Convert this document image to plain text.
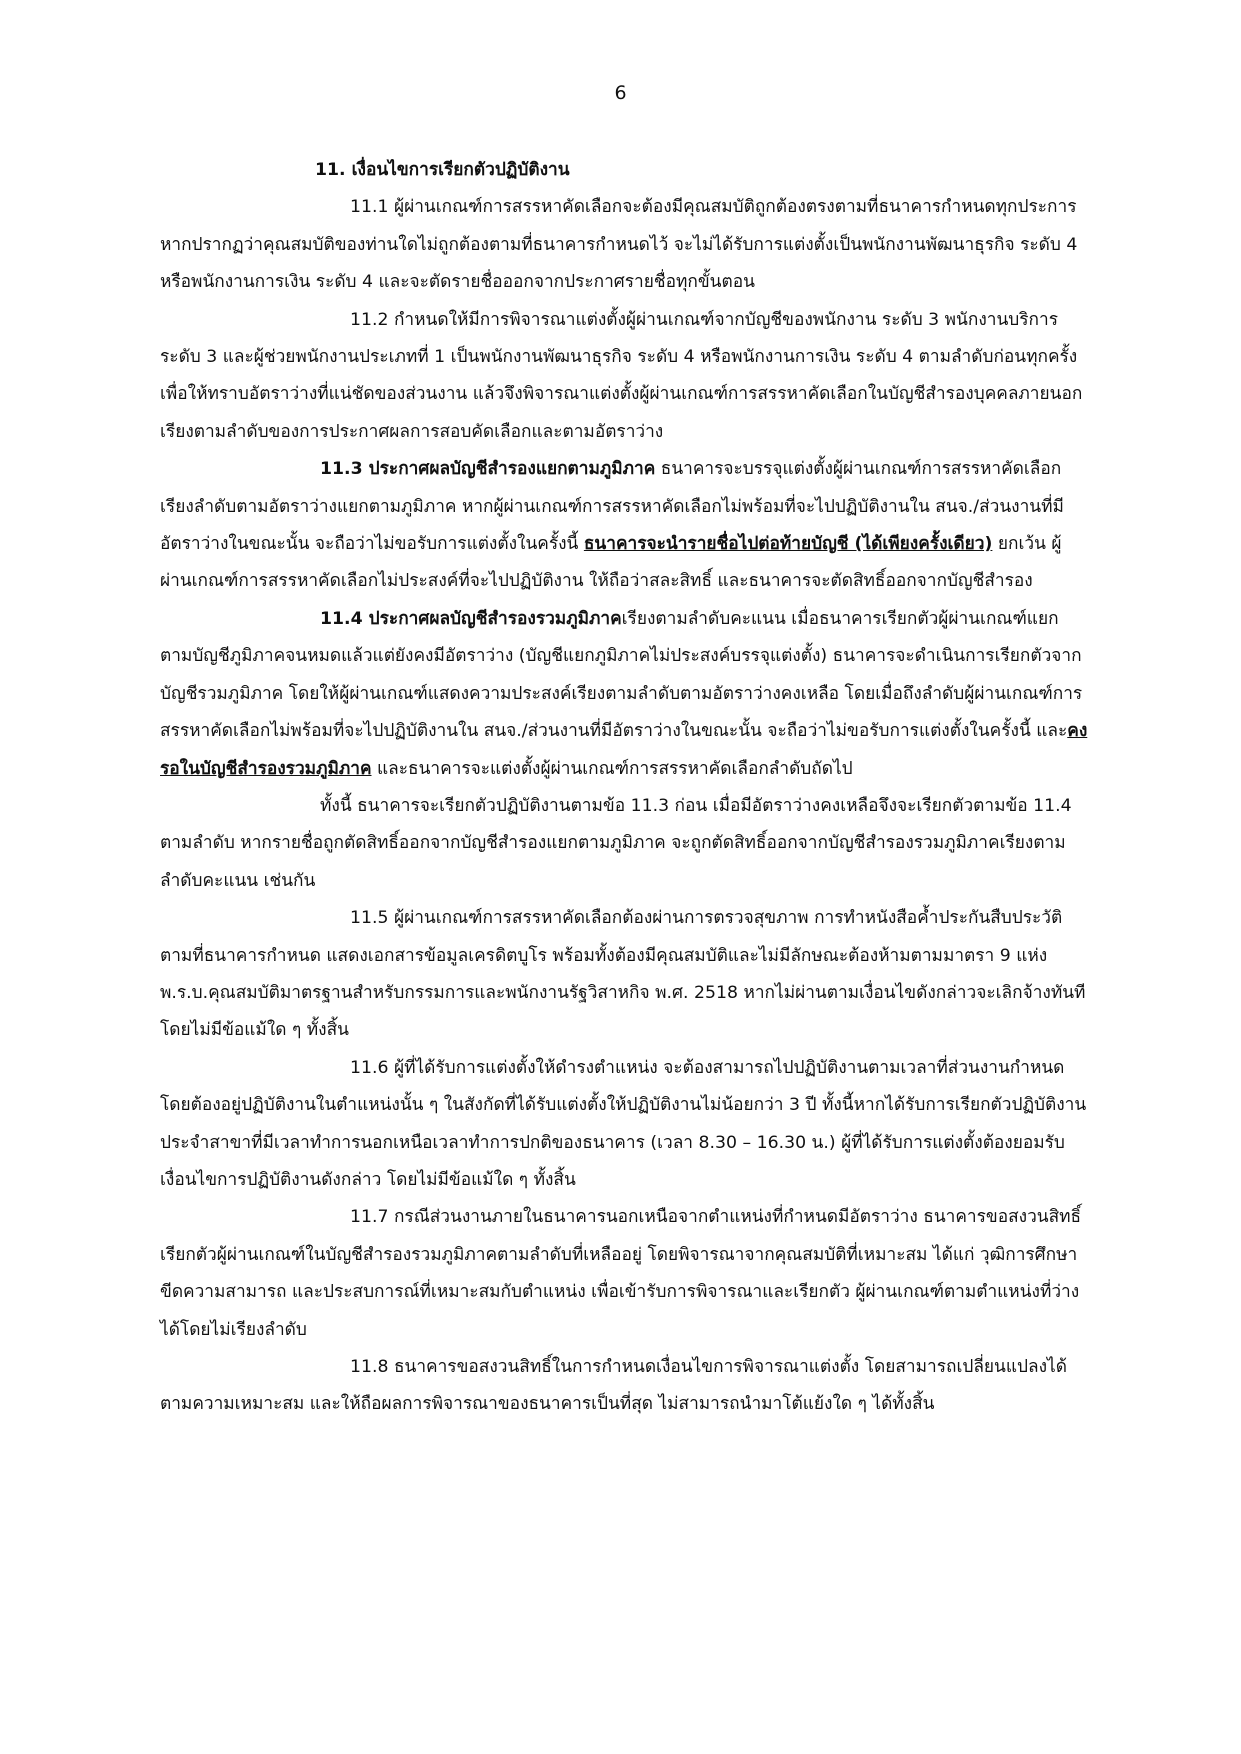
6

11. เงื่อนไขการเรียกตัวปฏิบัติงาน

11.1 ผู้ผ่านเกณฑ์การสรรหาคัดเลือกจะต้องมีคุณสมบัติถูกต้องตรงตามที่ธนาคารกำหนดทุกประการ หากปรากฏว่าคุณสมบัติของท่านใดไม่ถูกต้องตามที่ธนาคารกำหนดไว้ จะไม่ได้รับการแต่งตั้งเป็นพนักงานพัฒนาธุรกิจ ระดับ 4 หรือพนักงานการเงิน ระดับ 4 และจะตัดรายชื่อออกจากประกาศรายชื่อทุกขั้นตอน

11.2 กำหนดให้มีการพิจารณาแต่งตั้งผู้ผ่านเกณฑ์จากบัญชีของพนักงาน ระดับ 3 พนักงานบริการ ระดับ 3 และผู้ช่วยพนักงานประเภทที่ 1 เป็นพนักงานพัฒนาธุรกิจ ระดับ 4 หรือพนักงานการเงิน ระดับ 4 ตามลำดับก่อนทุกครั้ง เพื่อให้ทราบอัตราว่างที่แน่ชัดของส่วนงาน แล้วจึงพิจารณาแต่งตั้งผู้ผ่านเกณฑ์การสรรหาคัดเลือกในบัญชีสำรองบุคคลภายนอกเรียงตามลำดับของการประกาศผลการสอบคัดเลือกและตามอัตราว่าง

11.3 ประกาศผลบัญชีสำรองแยกตามภูมิภาค ธนาคารจะบรรจุแต่งตั้งผู้ผ่านเกณฑ์การสรรหาคัดเลือกเรียงลำดับตามอัตราว่างแยกตามภูมิภาค หากผู้ผ่านเกณฑ์การสรรหาคัดเลือกไม่พร้อมที่จะไปปฏิบัติงานใน สนจ./ส่วนงานที่มีอัตราว่างในขณะนั้น จะถือว่าไม่ขอรับการแต่งตั้งในครั้งนี้ ธนาคารจะนำรายชื่อไปต่อท้ายบัญชี (ได้เพียงครั้งเดียว) ยกเว้น ผู้ผ่านเกณฑ์การสรรหาคัดเลือกไม่ประสงค์ที่จะไปปฏิบัติงาน ให้ถือว่าสละสิทธิ์ และธนาคารจะตัดสิทธิ์ออกจากบัญชีสำรอง

11.4 ประกาศผลบัญชีสำรองรวมภูมิภาคเรียงตามลำดับคะแนน เมื่อธนาคารเรียกตัวผู้ผ่านเกณฑ์แยกตามบัญชีภูมิภาคจนหมดแล้วแต่ยังคงมีอัตราว่าง (บัญชีแยกภูมิภาคไม่ประสงค์บรรจุแต่งตั้ง) ธนาคารจะดำเนินการเรียกตัวจากบัญชีรวมภูมิภาค โดยให้ผู้ผ่านเกณฑ์แสดงความประสงค์เรียงตามลำดับตามอัตราว่างคงเหลือ โดยเมื่อถึงลำดับผู้ผ่านเกณฑ์การสรรหาคัดเลือกไม่พร้อมที่จะไปปฏิบัติงานใน สนจ./ส่วนงานที่มีอัตราว่างในขณะนั้น จะถือว่าไม่ขอรับการแต่งตั้งในครั้งนี้ และคงรอในบัญชีสำรองรวมภูมิภาค และธนาคารจะแต่งตั้งผู้ผ่านเกณฑ์การสรรหาคัดเลือกลำดับถัดไป

ทั้งนี้ ธนาคารจะเรียกตัวปฏิบัติงานตามข้อ 11.3 ก่อน เมื่อมีอัตราว่างคงเหลือจึงจะเรียกตัวตามข้อ 11.4 ตามลำดับ หากรายชื่อถูกตัดสิทธิ์ออกจากบัญชีสำรองแยกตามภูมิภาค จะถูกตัดสิทธิ์ออกจากบัญชีสำรองรวมภูมิภาคเรียงตามลำดับคะแนน เช่นกัน

11.5 ผู้ผ่านเกณฑ์การสรรหาคัดเลือกต้องผ่านการตรวจสุขภาพ การทำหนังสือค้ำประกันสืบประวัติตามที่ธนาคารกำหนด แสดงเอกสารข้อมูลเครดิตบูโร พร้อมทั้งต้องมีคุณสมบัติและไม่มีลักษณะต้องห้ามตามมาตรา 9 แห่ง พ.ร.บ.คุณสมบัติมาตรฐานสำหรับกรรมการและพนักงานรัฐวิสาหกิจ พ.ศ. 2518 หากไม่ผ่านตามเงื่อนไขดังกล่าวจะเลิกจ้างทันที โดยไม่มีข้อแม้ใด ๆ ทั้งสิ้น

11.6 ผู้ที่ได้รับการแต่งตั้งให้ดำรงตำแหน่ง จะต้องสามารถไปปฏิบัติงานตามเวลาที่ส่วนงานกำหนด โดยต้องอยู่ปฏิบัติงานในตำแหน่งนั้น ๆ ในสังกัดที่ได้รับแต่งตั้งให้ปฏิบัติงานไม่น้อยกว่า 3 ปี ทั้งนี้หากได้รับการเรียกตัวปฏิบัติงานประจำสาขาที่มีเวลาทำการนอกเหนือเวลาทำการปกติของธนาคาร (เวลา 8.30 – 16.30 น.) ผู้ที่ได้รับการแต่งตั้งต้องยอมรับเงื่อนไขการปฏิบัติงานดังกล่าว โดยไม่มีข้อแม้ใด ๆ ทั้งสิ้น

11.7 กรณีส่วนงานภายในธนาคารนอกเหนือจากตำแหน่งที่กำหนดมีอัตราว่าง ธนาคารขอสงวนสิทธิ์เรียกตัวผู้ผ่านเกณฑ์ในบัญชีสำรองรวมภูมิภาคตามลำดับที่เหลืออยู่ โดยพิจารณาจากคุณสมบัติที่เหมาะสม ได้แก่ วุฒิการศึกษา ขีดความสามารถ และประสบการณ์ที่เหมาะสมกับตำแหน่ง เพื่อเข้ารับการพิจารณาและเรียกตัว ผู้ผ่านเกณฑ์ตามตำแหน่งที่ว่างได้โดยไม่เรียงลำดับ

11.8 ธนาคารขอสงวนสิทธิ์ในการกำหนดเงื่อนไขการพิจารณาแต่งตั้ง โดยสามารถเปลี่ยนแปลงได้ตามความเหมาะสม และให้ถือผลการพิจารณาของธนาคารเป็นที่สุด ไม่สามารถนำมาโต้แย้งใด ๆ ได้ทั้งสิ้น
